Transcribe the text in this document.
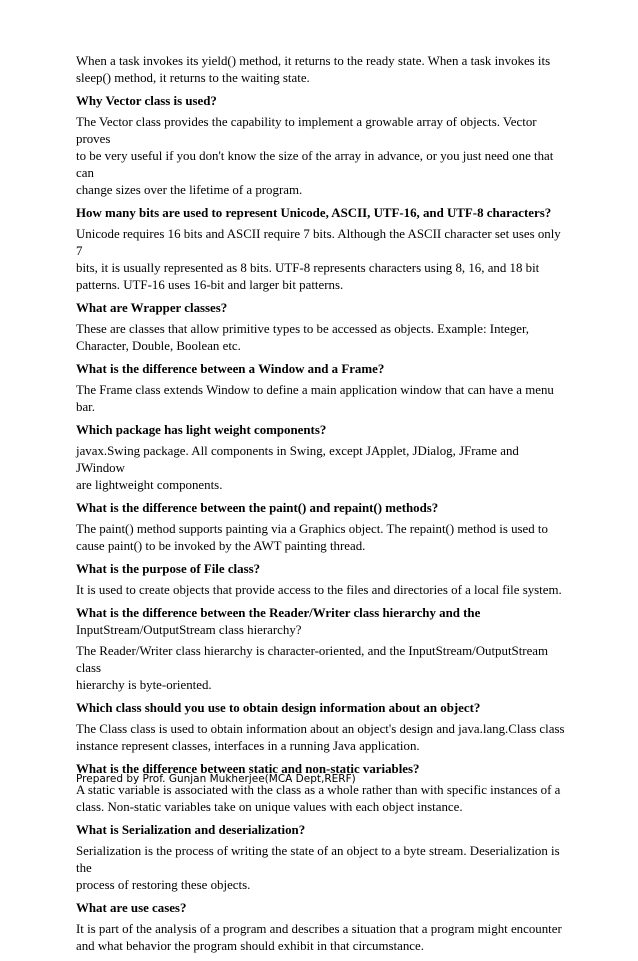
When a task invokes its yield() method, it returns to the ready state. When a task invokes its
sleep() method, it returns to the waiting state.

Why Vector class is used?

The Vector class provides the capability to implement a growable array of objects. Vector proves
to be very useful if you don't know the size of the array in advance, or you just need one that can
change sizes over the lifetime of a program.

How many bits are used to represent Unicode, ASCII, UTF-16, and UTF-8 characters?

Unicode requires 16 bits and ASCII require 7 bits. Although the ASCII character set uses only 7
bits, it is usually represented as 8 bits. UTF-8 represents characters using 8, 16, and 18 bit
patterns. UTF-16 uses 16-bit and larger bit patterns.

What are Wrapper classes?

These are classes that allow primitive types to be accessed as objects. Example: Integer,
Character, Double, Boolean etc.

What is the difference between a Window and a Frame?

The Frame class extends Window to define a main application window that can have a menu bar.

Which package has light weight components?

javax.Swing package. All components in Swing, except JApplet, JDialog, JFrame and JWindow
are lightweight components.

What is the difference between the paint() and repaint() methods?

The paint() method supports painting via a Graphics object. The repaint() method is used to
cause paint() to be invoked by the AWT painting thread.

What is the purpose of File class?

It is used to create objects that provide access to the files and directories of a local file system.

What is the difference between the Reader/Writer class hierarchy and the
InputStream/OutputStream class hierarchy?

The Reader/Writer class hierarchy is character-oriented, and the InputStream/OutputStream class
hierarchy is byte-oriented.

Which class should you use to obtain design information about an object?

The Class class is used to obtain information about an object's design and java.lang.Class class
instance represent classes, interfaces in a running Java application.

What is the difference between static and non-static variables?

A static variable is associated with the class as a whole rather than with specific instances of a
class. Non-static variables take on unique values with each object instance.

What is Serialization and deserialization?

Serialization is the process of writing the state of an object to a byte stream. Deserialization is the
process of restoring these objects.

What are use cases?

It is part of the analysis of a program and describes a situation that a program might encounter
and what behavior the program should exhibit in that circumstance.

Prepared by Prof. Gunjan Mukherjee(MCA Dept,RERF)
